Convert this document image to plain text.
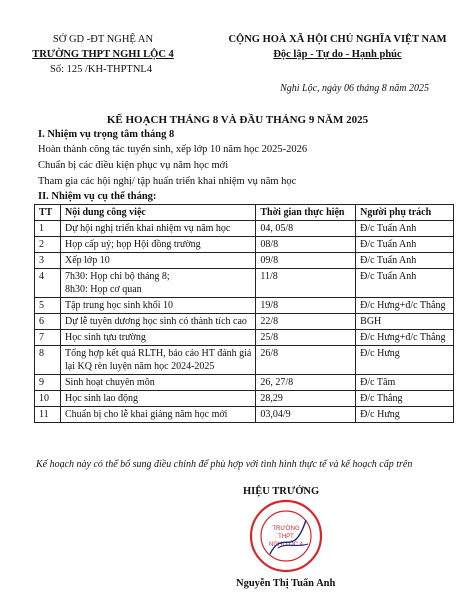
SỞ GD -ĐT NGHỆ AN
TRƯỜNG THPT NGHI LỘC 4
Số: 125 /KH-THPTNL4
CỘNG HOÀ XÃ HỘI CHỦ NGHĨA VIỆT NAM
Độc lập - Tự do - Hạnh phúc
Nghi Lộc, ngày 06 tháng 8 năm 2025
KẾ HOẠCH THÁNG 8 VÀ ĐẦU THÁNG 9 NĂM 2025
I. Nhiệm vụ trọng tâm tháng 8
Hoàn thành công tác tuyển sinh, xếp lớp 10 năm học 2025-2026
Chuẩn bị các điều kiện phục vụ năm học mới
Tham gia các hội nghị/ tập huấn triển khai nhiệm vụ năm học
II. Nhiệm vụ cụ thể tháng:
TT	Nội dung công việc	Thời gian thực hiện	Người phụ trách
1	Dự hội nghị triển khai nhiệm vụ năm học	04, 05/8	Đ/c Tuấn Anh
2	Họp cấp uỷ; họp Hội đồng trường	08/8	Đ/c Tuấn Anh
3	Xếp lớp 10	09/8	Đ/c Tuấn Anh
4	7h30: Họp chi bộ tháng 8;
8h30: Họp cơ quan	11/8	Đ/c Tuấn Anh
5	Tập trung học sinh khối 10	19/8	Đ/c Hưng+đ/c Thắng
6	Dự lễ tuyên dương học sinh có thành tích cao	22/8	BGH
7	Học sinh tựu trường	25/8	Đ/c Hưng+đ/c Thắng
8	Tổng hợp kết quả RLTH, báo cáo HT đánh giá lại KQ rèn luyện năm học 2024-2025	26/8	Đ/c Hưng
9	Sinh hoạt chuyên môn	26, 27/8	Đ/c Tâm
10	Học sinh lao động	28,29	Đ/c Thắng
11	Chuẩn bị cho lễ khai giảng năm học mới	03,04/9	Đ/c Hưng
Kế hoạch này có thể bổ sung điều chỉnh để phù hợp với tình hình thực tế và kế hoạch cấp trên
HIỆU TRƯỞNG
TRƯỜNG
THPT
NGHI LỘC 4
Nguyễn Thị Tuấn Anh
